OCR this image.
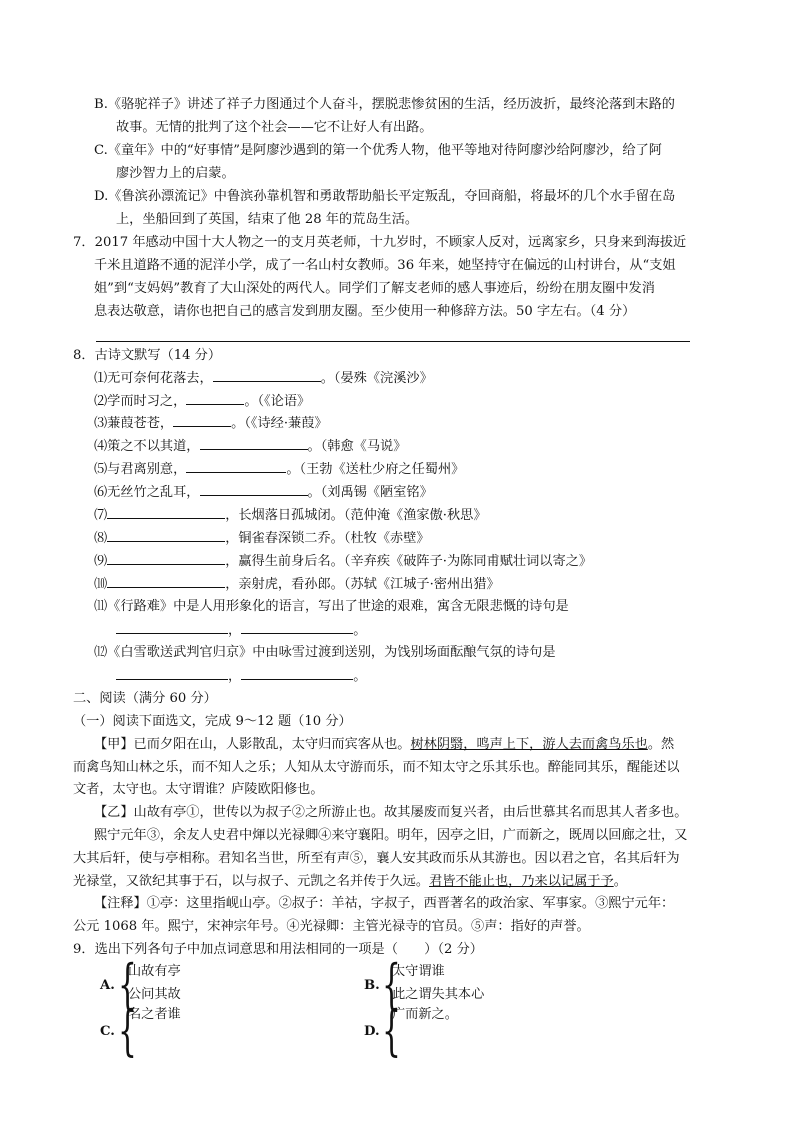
B.《骆驼祥子》讲述了祥子力图通过个人奋斗，摆脱悲惨贫困的生活，经历波折，最终沦落到末路的
故事。无情的批判了这个社会——它不让好人有出路。
C.《童年》中的“好事情”是阿廖沙遇到的第一个优秀人物，他平等地对待阿廖沙给阿廖沙，给了阿
廖沙智力上的启蒙。
D.《鲁滨孙漂流记》中鲁滨孙靠机智和勇敢帮助船长平定叛乱，夺回商船，将最坏的几个水手留在岛
上，坐船回到了英国，结束了他 28 年的荒岛生活。
7．2017 年感动中国十大人物之一的支月英老师，十九岁时，不顾家人反对，远离家乡，只身来到海拔近
千米且道路不通的泥洋小学，成了一名山村女教师。36 年来，她坚持守在偏远的山村讲台，从“支姐
姐”到“支妈妈”教育了大山深处的两代人。同学们了解支老师的感人事迹后，纷纷在朋友圈中发消
息表达敬意，请你也把自己的感言发到朋友圈。至少使用一种修辞方法。50 字左右。（4 分）
8．古诗文默写（14 分）
⑴无可奈何花落去，	。（晏殊《浣溪沙》
⑵学而时习之，	。（《论语》
⑶蒹葭苍苍，	。（《诗经·蒹葭》
⑷策之不以其道，	。（韩愈《马说》
⑸与君离别意，	。（王勃《送杜少府之任蜀州》
⑹无丝竹之乱耳，	。（刘禹锡《陋室铭》
⑺	，长烟落日孤城闭。（范仲淹《渔家傲·秋思》
⑻	，铜雀春深锁二乔。（杜牧《赤壁》
⑼	，赢得生前身后名。（辛弃疾《破阵子·为陈同甫赋壮词以寄之》
⑽	，亲射虎，看孙郎。（苏轼《江城子·密州出猎》
⑾《行路难》中是人用形象化的语言，写出了世途的艰难，寓含无限悲慨的诗句是
，	。
⑿《白雪歌送武判官归京》中由咏雪过渡到送别，为饯别场面酝酿气氛的诗句是
，	。
二、阅读（满分 60 分）
（一）阅读下面选文，完成 9～12 题（10 分）
【甲】已而夕阳在山，人影散乱，太守归而宾客从也。树林阴翳，鸣声上下，游人去而禽鸟乐也。然
而禽鸟知山林之乐，而不知人之乐；人知从太守游而乐，而不知太守之乐其乐也。醉能同其乐，醒能述以
文者，太守也。太守谓谁？庐陵欧阳修也。
【乙】山故有亭①，世传以为叔子②之所游止也。故其屡废而复兴者，由后世慕其名而思其人者多也。
熙宁元年③，余友人史君中煇以光禄卿④来守襄阳。明年，因亭之旧，广而新之，既周以回廊之壮，又
大其后轩，使与亭相称。君知名当世，所至有声⑤，襄人安其政而乐从其游也。因以君之官，名其后轩为
光禄堂，又欲纪其事于石，以与叔子、元凯之名并传于久远。君皆不能止也，乃来以记属于予。
【注释】①亭：这里指岘山亭。②叔子：羊祜，字叔子，西晋著名的政治家、军事家。③熙宁元年：
公元 1068 年。熙宁，宋神宗年号。④光禄卿：主管光禄寺的官员。⑤声：指好的声誉。
9．选出下列各句子中加点词意思和用法相同的一项是（　　）（2 分）
A. {
山故有亭
公问其故
B. {
太守谓谁
此之谓失其本心
C. {
名之者谁
D. {
广而新之。
